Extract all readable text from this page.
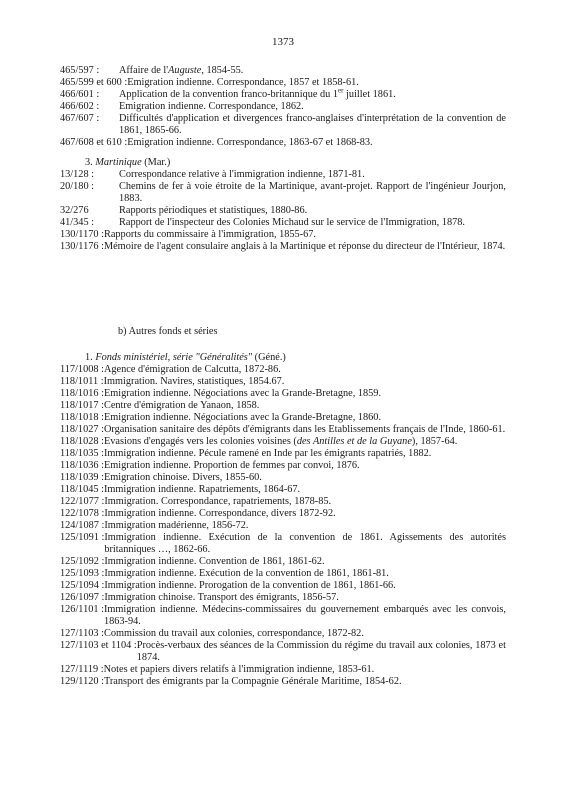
1373
465/597 :	Affaire de l'Auguste, 1854-55.
465/599 et 600 : Emigration indienne. Correspondance, 1857 et 1858-61.
466/601 :	Application de la convention franco-britannique du 1er juillet 1861.
466/602 :	Emigration indienne. Correspondance, 1862.
467/607 :	Difficultés d'application et divergences franco-anglaises d'interprétation de la convention de 1861, 1865-66.
467/608 et 610 : Emigration indienne. Correspondance, 1863-67 et 1868-83.
3. Martinique (Mar.)
13/128 :	Correspondance relative à l'immigration indienne, 1871-81.
20/180 :	Chemins de fer à voie étroite de la Martinique, avant-projet. Rapport de l'ingénieur Jourjon, 1883.
32/276	Rapports périodiques et statistiques, 1880-86.
41/345 :	Rapport de l'inspecteur des Colonies Michaud sur le service de l'Immigration, 1878.
130/1170 : Rapports du commissaire à l'immigration, 1855-67.
130/1176 : Mémoire de l'agent consulaire anglais à la Martinique et réponse du directeur de l'Intérieur, 1874.
b) Autres fonds et séries
1. Fonds ministériel, série "Généralités" (Géné.)
117/1008 : Agence d'émigration de Calcutta, 1872-86.
118/1011 : Immigration. Navires, statistiques, 1854.67.
118/1016 : Emigration indienne. Négociations avec la Grande-Bretagne, 1859.
118/1017 : Centre d'émigration de Yanaon, 1858.
118/1018 : Emigration indienne. Négociations avec la Grande-Bretagne, 1860.
118/1027 : Organisation sanitaire des dépôts d'émigrants dans les Etablissements français de l'Inde, 1860-61.
118/1028 : Evasions d'engagés vers les colonies voisines (des Antilles et de la Guyane), 1857-64.
118/1035 : Immigration indienne. Pécule ramené en Inde par les émigrants rapatriés, 1882.
118/1036 : Emigration indienne. Proportion de femmes par convoi, 1876.
118/1039 : Emigration chinoise. Divers, 1855-60.
118/1045 : Immigration indienne. Rapatriements, 1864-67.
122/1077 : Immigration. Correspondance, rapatriements, 1878-85.
122/1078 : Immigration indienne. Correspondance, divers 1872-92.
124/1087 : Immigration madérienne, 1856-72.
125/1091 : Immigration indienne. Exécution de la convention de 1861. Agissements des autorités britanniques …, 1862-66.
125/1092 : Immigration indienne. Convention de 1861, 1861-62.
125/1093 : Immigration indienne. Exécution de la convention de 1861, 1861-81.
125/1094 : Immigration indienne. Prorogation de la convention de 1861, 1861-66.
126/1097 : Immigration chinoise. Transport des émigrants, 1856-57.
126/1101 : Immigration indienne. Médecins-commissaires du gouvernement embarqués avec les convois, 1863-94.
127/1103 : Commission du travail aux colonies, correspondance, 1872-82.
127/1103 et 1104 : Procès-verbaux des séances de la Commission du régime du travail aux colonies, 1873 et 1874.
127/1119 : Notes et papiers divers relatifs à l'immigration indienne, 1853-61.
129/1120 : Transport des émigrants par la Compagnie Générale Maritime, 1854-62.
